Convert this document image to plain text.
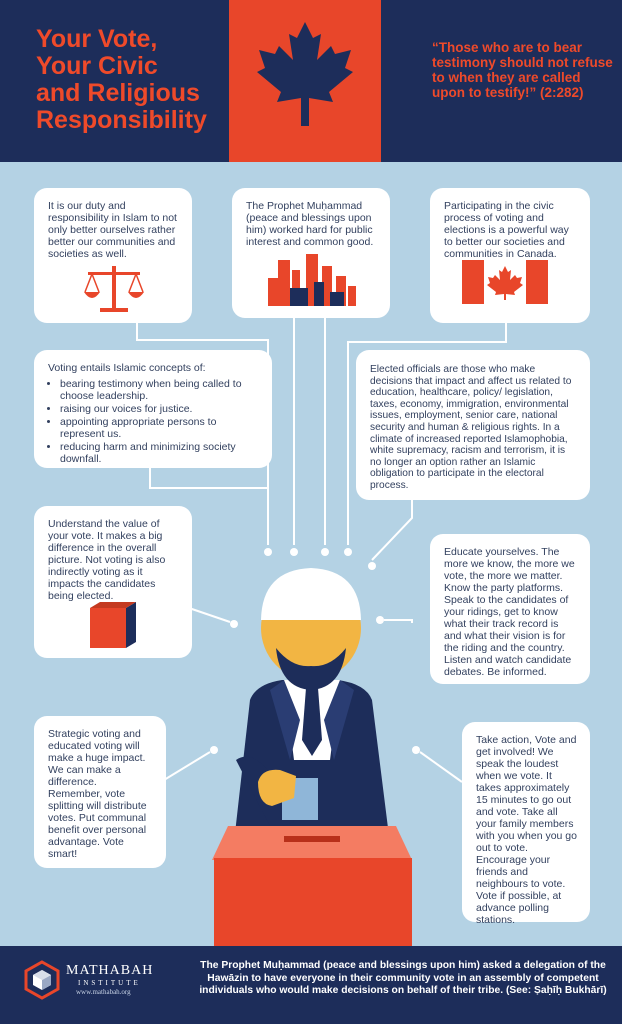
Your Vote,
Your Civic
and Religious
Responsibility
“Those who are to bear testimony should not refuse to when they are called upon to testify!” (2:282)
It is our duty and responsibility in Islam to not only better ourselves rather better our communities and societies as well.
The Prophet Muḥammad (peace and blessings upon him) worked hard for public interest and common good.
Participating in the civic process of voting and elections is a powerful way to better our societies and communities in Canada.
Voting entails Islamic concepts of:
• bearing testimony when being called to choose leadership.
• raising our voices for justice.
• appointing appropriate persons to represent us.
• reducing harm and minimizing society downfall.
Elected officials are those who make decisions that impact and affect us related to education, healthcare, policy/ legislation, taxes, economy, immigration, environmental issues, employment, senior care, national security and human & religious rights. In a climate of increased reported Islamophobia, white supremacy, racism and terrorism, it is no longer an option rather an Islamic obligation to participate in the electoral process.
Understand the value of your vote. It makes a big difference in the overall picture. Not voting is also indirectly voting as it impacts the candidates being elected.
Educate yourselves. The more we know, the more we vote, the more we matter. Know the party platforms. Speak to the candidates of your ridings, get to know what their track record is and what their vision is for the riding and the country. Listen and watch candidate debates. Be informed.
Strategic voting and educated voting will make a huge impact. We can make a difference. Remember, vote splitting will distribute votes. Put communal benefit over personal advantage. Vote smart!
Take action, Vote and get involved! We speak the loudest when we vote. It takes approximately 15 minutes to go out and vote. Take all your family members with you when you go out to vote. Encourage your friends and neighbours to vote. Vote if possible, at advance polling stations.
MATHABAH
INSTITUTE
www.mathabah.org
The Prophet Muḥammad (peace and blessings upon him) asked a delegation of the Hawāzin to have everyone in their community vote in an assembly of competent individuals who would make decisions on behalf of their tribe. (See: Ṣaḥīḥ Bukhārī)
